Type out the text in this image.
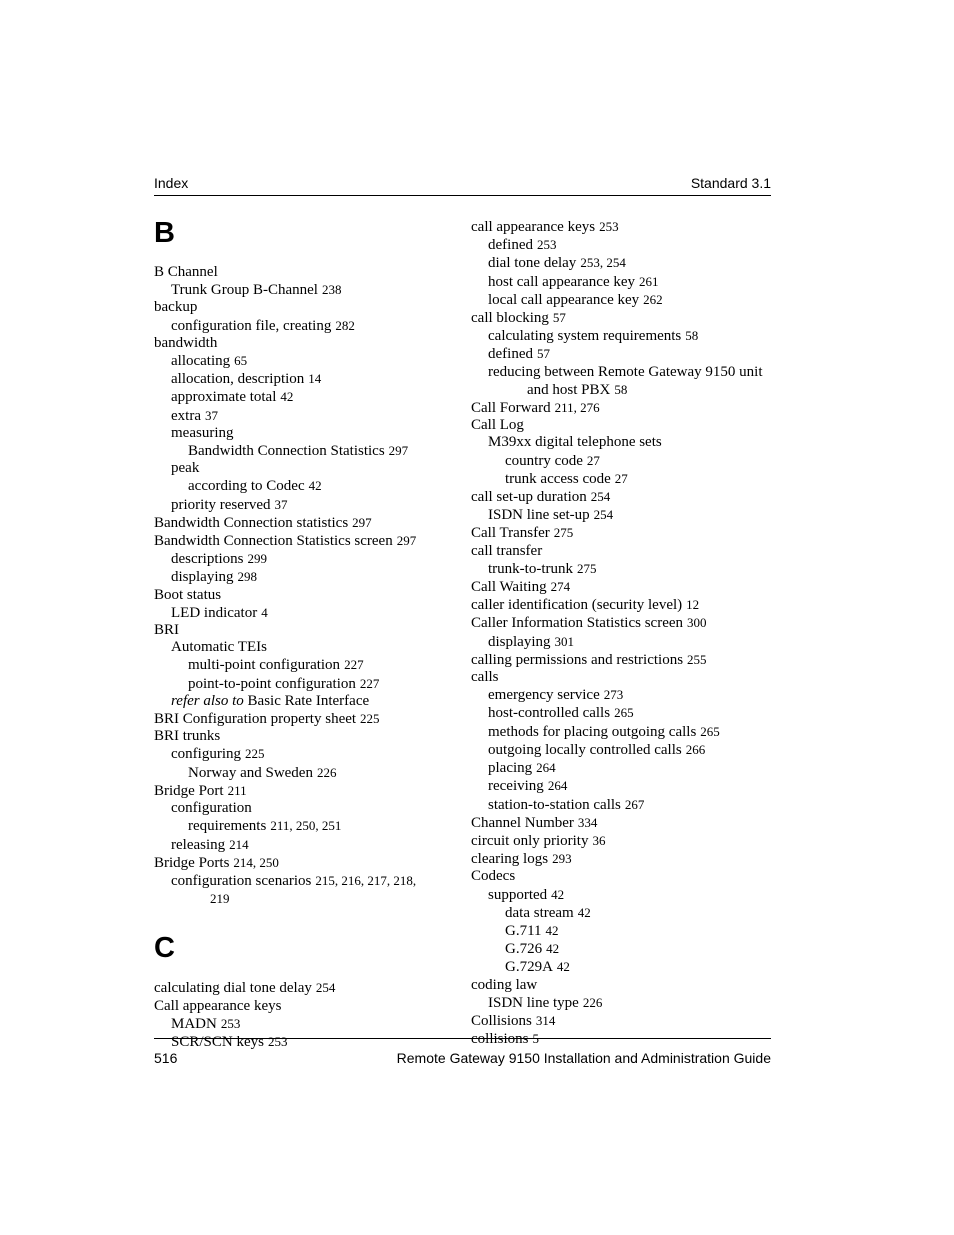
Index	Standard 3.1
B
B Channel
Trunk Group B-Channel 238
backup
configuration file, creating 282
bandwidth
allocating 65
allocation, description 14
approximate total 42
extra 37
measuring
Bandwidth Connection Statistics 297
peak
according to Codec 42
priority reserved 37
Bandwidth Connection statistics 297
Bandwidth Connection Statistics screen 297
descriptions 299
displaying 298
Boot status
LED indicator 4
BRI
Automatic TEIs
multi-point configuration 227
point-to-point configuration 227
refer also to Basic Rate Interface
BRI Configuration property sheet 225
BRI trunks
configuring 225
Norway and Sweden 226
Bridge Port 211
configuration
requirements 211, 250, 251
releasing 214
Bridge Ports 214, 250
configuration scenarios 215, 216, 217, 218,
219
C
calculating dial tone delay 254
Call appearance keys
MADN 253
SCR/SCN keys 253
call appearance keys 253
defined 253
dial tone delay 253, 254
host call appearance key 261
local call appearance key 262
call blocking 57
calculating system requirements 58
defined 57
reducing between Remote Gateway 9150 unit
and host PBX 58
Call Forward 211, 276
Call Log
M39xx digital telephone sets
country code 27
trunk access code 27
call set-up duration 254
ISDN line set-up 254
Call Transfer 275
call transfer
trunk-to-trunk 275
Call Waiting 274
caller identification (security level) 12
Caller Information Statistics screen 300
displaying 301
calling permissions and restrictions 255
calls
emergency service 273
host-controlled calls 265
methods for placing outgoing calls 265
outgoing locally controlled calls 266
placing 264
receiving 264
station-to-station calls 267
Channel Number 334
circuit only priority 36
clearing logs 293
Codecs
supported 42
data stream 42
G.711 42
G.726 42
G.729A 42
coding law
ISDN line type 226
Collisions 314
collisions 5
516	Remote Gateway 9150 Installation and Administration Guide
